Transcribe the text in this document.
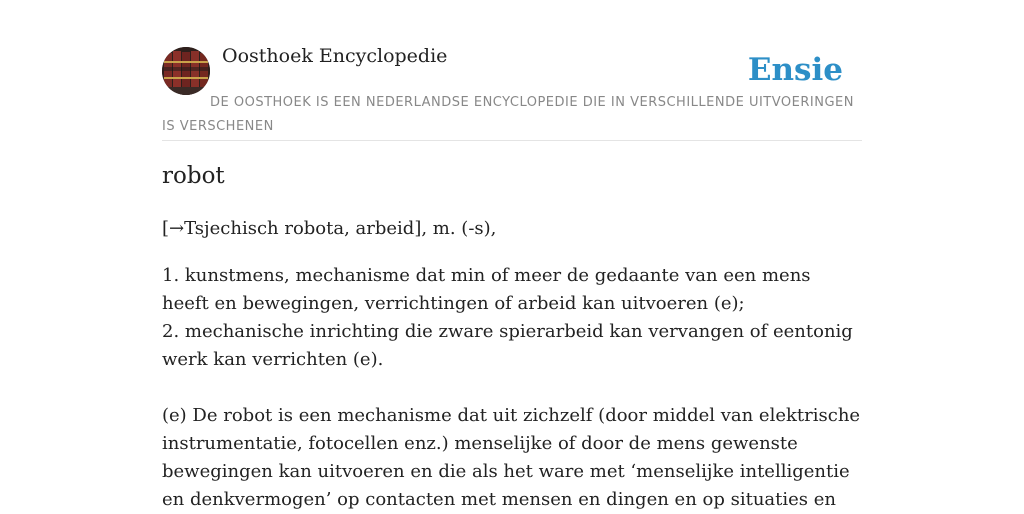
Oosthoek Encyclopedie	Ensie
DE OOSTHOEK IS EEN NEDERLANDSE ENCYCLOPEDIE DIE IN VERSCHILLENDE UITVOERINGEN IS VERSCHENEN
robot

[→Tsjechisch robota, arbeid], m. (-s),

1. kunstmens, mechanisme dat min of meer de gedaante van een mens heeft en bewegingen, verrichtingen of arbeid kan uitvoeren (e);

2. mechanische inrichting die zware spierarbeid kan vervangen of eentonig werk kan verrichten (e).

(e) De robot is een mechanisme dat uit zichzelf (door middel van elektrische instrumentatie, fotocellen enz.) menselijke of door de mens gewenste bewegingen kan uitvoeren en die als het ware met ‘menselijke intelligentie en denkvermogen’ op contacten met mensen en dingen en op situaties en
